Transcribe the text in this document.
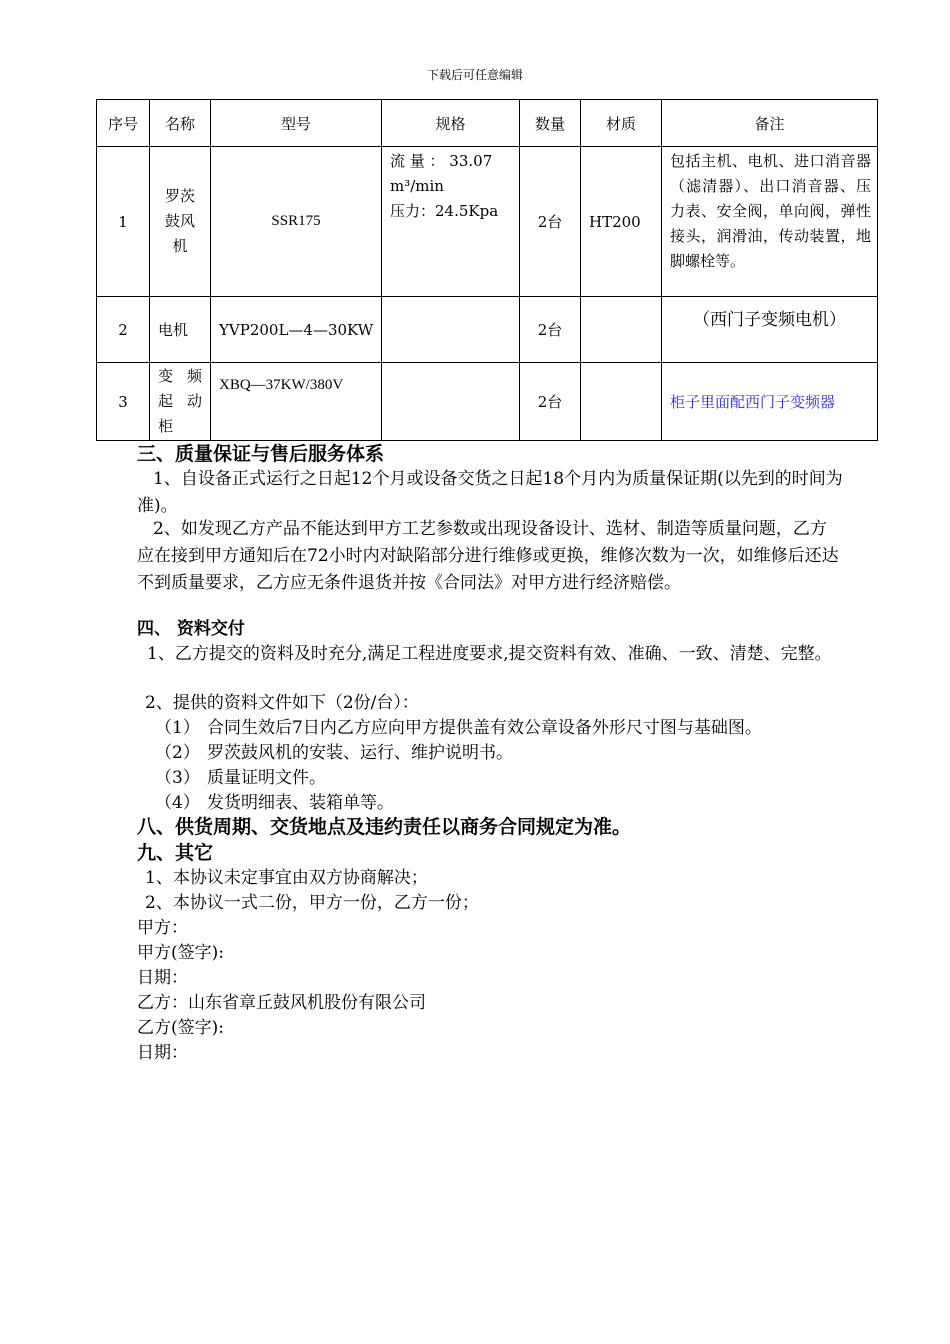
下载后可任意编辑
序号	名称	型号	规格	数量	材质	备注
1	罗茨
鼓风
机	SSR175	流 量 ： 33.07
m³/min
压力：24.5Kpa	2台	HT200	包括主机、电机、进口消音器（滤清器）、出口消音器、压力表、安全阀，单向阀，弹性接头，润滑油，传动装置，地脚螺栓等。

2	电机	YVP200L—4—30KW		2台		（西门子变频电机）
3	变 频
起 动
柜	XBQ—37KW/380V		2台		柜子里面配西门子变频器
三、质量保证与售后服务体系
1、自设备正式运行之日起12个月或设备交货之日起18个月内为质量保证期(以先到的时间为准)。
2、如发现乙方产品不能达到甲方工艺参数或出现设备设计、选材、制造等质量问题，乙方应在接到甲方通知后在72小时内对缺陷部分进行维修或更换，维修次数为一次，如维修后还达不到质量要求，乙方应无条件退货并按《合同法》对甲方进行经济赔偿。
四、 资料交付
1、乙方提交的资料及时充分,满足工程进度要求,提交资料有效、准确、一致、清楚、完整。
2、提供的资料文件如下（2份/台）：
（1） 合同生效后7日内乙方应向甲方提供盖有效公章设备外形尺寸图与基础图。
（2） 罗茨鼓风机的安装、运行、维护说明书。
（3） 质量证明文件。
（4） 发货明细表、装箱单等。
八、供货周期、交货地点及违约责任以商务合同规定为准。
九、其它
1、本协议未定事宜由双方协商解决；
2、本协议一式二份，甲方一份，乙方一份；
甲方：
甲方(签字):
日期：
乙方：山东省章丘鼓风机股份有限公司
乙方(签字):
日期：
